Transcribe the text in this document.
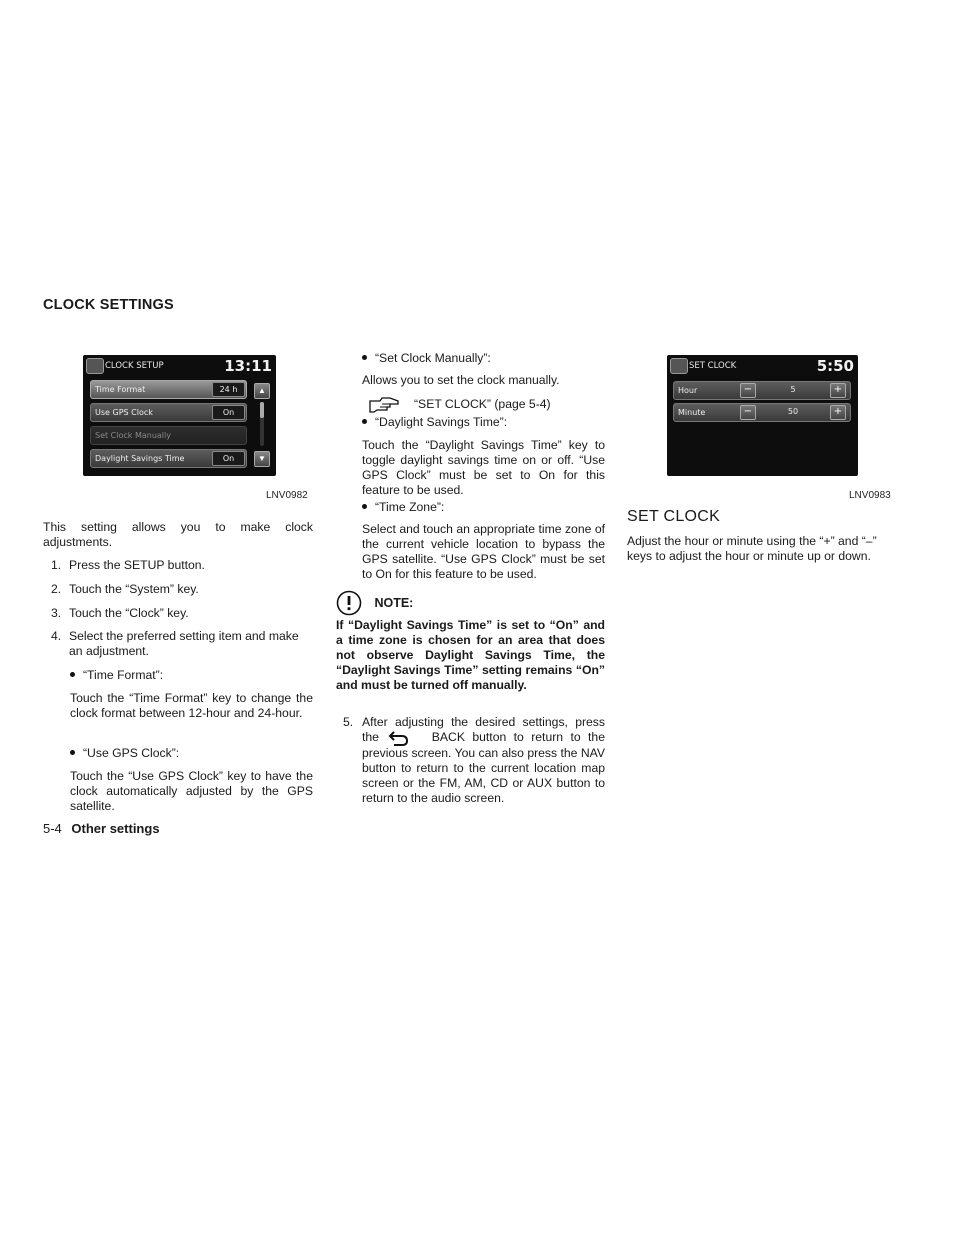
CLOCK SETTINGS
CLOCK SETUP	13:11
Time Format	24 h
Use GPS Clock	On
Set Clock Manually
Daylight Savings Time	On
▲
▼
LNV0982
This setting allows you to make clock adjustments.
1. Press the SETUP button.
2. Touch the “System” key.
3. Touch the “Clock” key.
4. Select the preferred setting item and make an adjustment.
“Time Format”:
Touch the “Time Format” key to change the clock format between 12-hour and 24-hour.
“Use GPS Clock”:
Touch the “Use GPS Clock” key to have the clock automatically adjusted by the GPS satellite.
5-4 Other settings
“Set Clock Manually”:
Allows you to set the clock manually.
“SET CLOCK” (page 5-4)
“Daylight Savings Time”:
Touch the “Daylight Savings Time” key to toggle daylight savings time on or off. “Use GPS Clock” must be set to On for this feature to be used.
“Time Zone”:
Select and touch an appropriate time zone of the current vehicle location to bypass the GPS satellite. “Use GPS Clock” must be set to On for this feature to be used.
NOTE:
If “Daylight Savings Time” is set to “On” and a time zone is chosen for an area that does not observe Daylight Savings Time, the “Daylight Savings Time” setting remains “On” and must be turned off manually.
5. After adjusting the desired settings, press the	BACK button to return to the previous screen. You can also press the NAV button to return to the current location map screen or the FM, AM, CD or AUX button to return to the audio screen.
SET CLOCK	5:50
Hour	−	5	+
Minute	−	50	+
LNV0983
SET CLOCK
Adjust the hour or minute using the “+” and “–” keys to adjust the hour or minute up or down.
